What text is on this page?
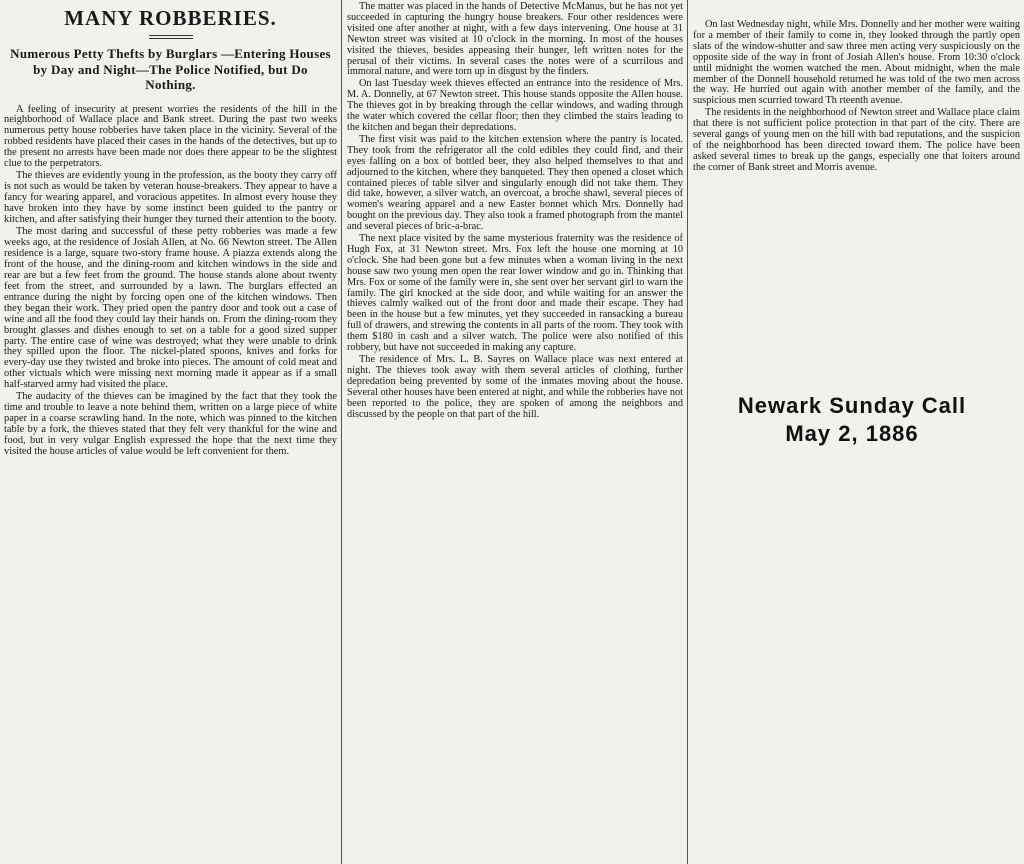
MANY ROBBERIES.
Numerous Petty Thefts by Burglars —Entering Houses by Day and Night—The Police Notified, but Do Nothing.

A feeling of insecurity at present worries the residents of the hill in the neighborhood of Wallace place and Bank street. During the past two weeks numerous petty house robberies have taken place in the vicinity. Several of the robbed residents have placed their cases in the hands of the detectives, but up to the present no arrests have been made nor does there appear to be the slightest clue to the perpetrators.

The thieves are evidently young in the profession, as the booty they carry off is not such as would be taken by veteran house-breakers. They appear to have a fancy for wearing apparel, and voracious appetites. In almost every house they have broken into they have by some instinct been guided to the pantry or kitchen, and after satisfying their hunger they turned their attention to the booty.

The most daring and successful of these petty robberies was made a few weeks ago, at the residence of Josiah Allen, at No. 66 Newton street. The Allen residence is a large, square two-story frame house. A piazza extends along the front of the house, and the dining-room and kitchen windows in the side and rear are but a few feet from the ground. The house stands alone about twenty feet from the street, and surrounded by a lawn. The burglars effected an entrance during the night by forcing open one of the kitchen windows. Then they began their work. They pried open the pantry door and took out a case of wine and all the food they could lay their hands on. From the dining-room they brought glasses and dishes enough to set on a table for a good sized supper party. The entire case of wine was destroyed; what they were unable to drink they spilled upon the floor. The nickel-plated spoons, knives and forks for every-day use they twisted and broke into pieces. The amount of cold meat and other victuals which were missing next morning made it appear as if a small half-starved army had visited the place.

The audacity of the thieves can be imagined by the fact that they took the time and trouble to leave a note behind them, written on a large piece of white paper in a coarse scrawling hand. In the note, which was pinned to the kitchen table by a fork, the thieves stated that they felt very thankful for the wine and food, but in very vulgar English expressed the hope that the next time they visited the house articles of value would be left convenient for them.

The matter was placed in the hands of Detective McManus, but he has not yet succeeded in capturing the hungry house breakers. Four other residences were visited one after another at night, with a few days intervening. One house at 31 Newton street was visited at 10 o'clock in the morning. In most of the houses visited the thieves, besides appeasing their hunger, left written notes for the perusal of their victims. In several cases the notes were of a scurrilous and immoral nature, and were torn up in disgust by the finders.

On last Tuesday week thieves effected an entrance into the residence of Mrs. M. A. Donnelly, at 67 Newton street. This house stands opposite the Allen house. The thieves got in by breaking through the cellar windows, and wading through the water which covered the cellar floor; then they climbed the stairs leading to the kitchen and began their depredations.

The first visit was paid to the kitchen extension where the pantry is located. They took from the refrigerator all the cold edibles they could find, and their eyes falling on a box of bottled beer, they also helped themselves to that and adjourned to the kitchen, where they banqueted. They then opened a closet which contained pieces of table silver and singularly enough did not take them. They did take, however, a silver watch, an overcoat, a broche shawl, several pieces of women's wearing apparel and a new Easter bonnet which Mrs. Donnelly had bought on the previous day. They also took a framed photograph from the mantel and several pieces of bric-a-brac.

The next place visited by the same mysterious fraternity was the residence of Hugh Fox, at 31 Newton street. Mrs. Fox left the house one morning at 10 o'clock. She had been gone but a few minutes when a woman living in the next house saw two young men open the rear lower window and go in. Thinking that Mrs. Fox or some of the family were in, she sent over her servant girl to warn the family. The girl knocked at the side door, and while waiting for an answer the thieves calmly walked out of the front door and made their escape. They had been in the house but a few minutes, yet they succeeded in ransacking a bureau full of drawers, and strewing the contents in all parts of the room. They took with them $180 in cash and a silver watch. The police were also notified of this robbery, but have not succeeded in making any capture.

The residence of Mrs. L. B. Sayres on Wallace place was next entered at night. The thieves took away with them several articles of clothing, further depredation being prevented by some of the inmates moving about the house. Several other houses have been entered at night, and while the robberies have not been reported to the police, they are spoken of among the neighbors and discussed by the people on that part of the hill.

On last Wednesday night, while Mrs. Donnelly and her mother were waiting for a member of their family to come in, they looked through the partly open slats of the window-shutter and saw three men acting very suspiciously on the opposite side of the way in front of Josiah Allen's house. From 10:30 o'clock until midnight the women watched the men. About midnight, when the male member of the Donnell household returned he was told of the two men across the way. He hurried out again with another member of the family, and the suspicious men scurried toward Th rteenth avenue.

The residents in the neighborhood of Newton street and Wallace place claim that there is not sufficient police protection in that part of the city. There are several gangs of young men on the hill with bad reputations, and the suspicion of the neighborhood has been directed toward them. The police have been asked several times to break up the gangs, especially one that loiters around the corner of Bank street and Morris avenue.

Newark Sunday Call
May 2, 1886
